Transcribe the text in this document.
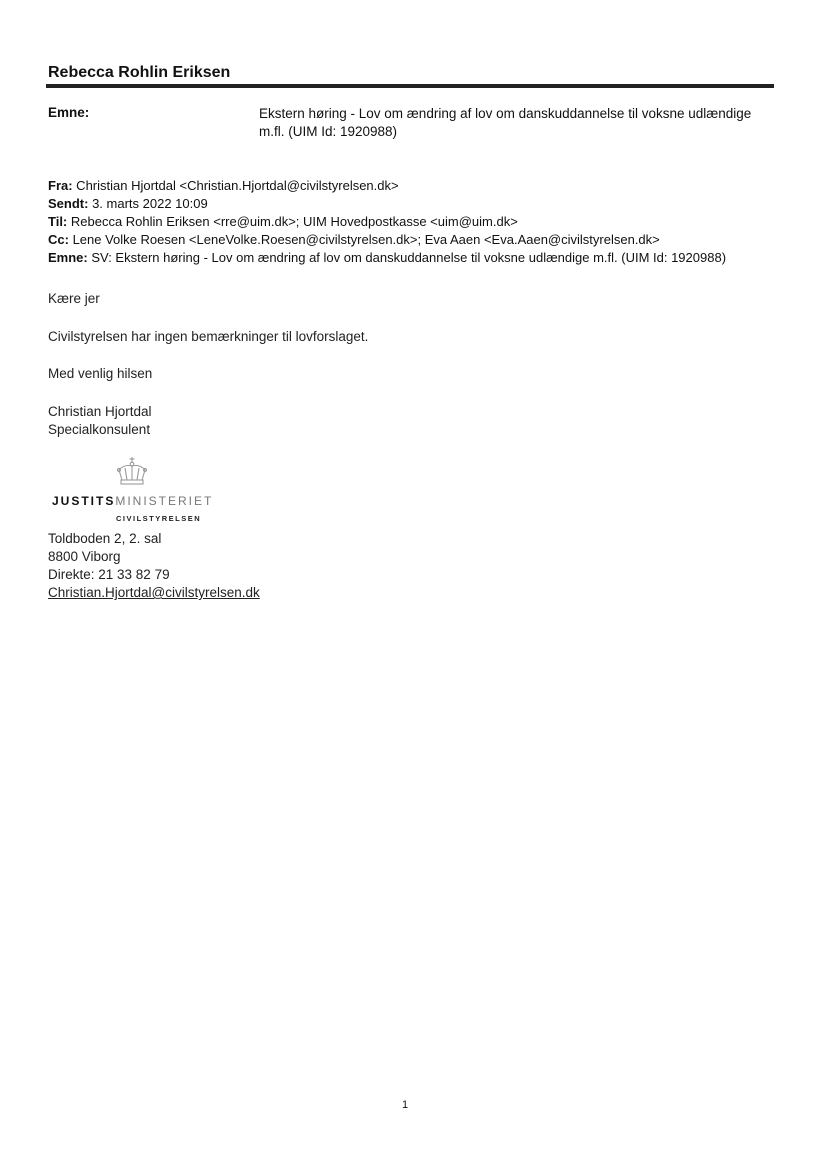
Rebecca Rohlin Eriksen
Emne:	Ekstern høring - Lov om ændring af lov om danskuddannelse til voksne udlændige m.fl. (UIM Id: 1920988)
Fra: Christian Hjortdal <Christian.Hjortdal@civilstyrelsen.dk>
Sendt: 3. marts 2022 10:09
Til: Rebecca Rohlin Eriksen <rre@uim.dk>; UIM Hovedpostkasse <uim@uim.dk>
Cc: Lene Volke Roesen <LeneVolke.Roesen@civilstyrelsen.dk>; Eva Aaen <Eva.Aaen@civilstyrelsen.dk>
Emne: SV: Ekstern høring - Lov om ændring af lov om danskuddannelse til voksne udlændige m.fl. (UIM Id: 1920988)
Kære jer
Civilstyrelsen har ingen bemærkninger til lovforslaget.
Med venlig hilsen
Christian Hjortdal
Specialkonsulent
JUSTITSMINISTERIET
CIVILSTYRELSEN
Toldboden 2, 2. sal
8800 Viborg
Direkte: 21 33 82 79
Christian.Hjortdal@civilstyrelsen.dk
1
